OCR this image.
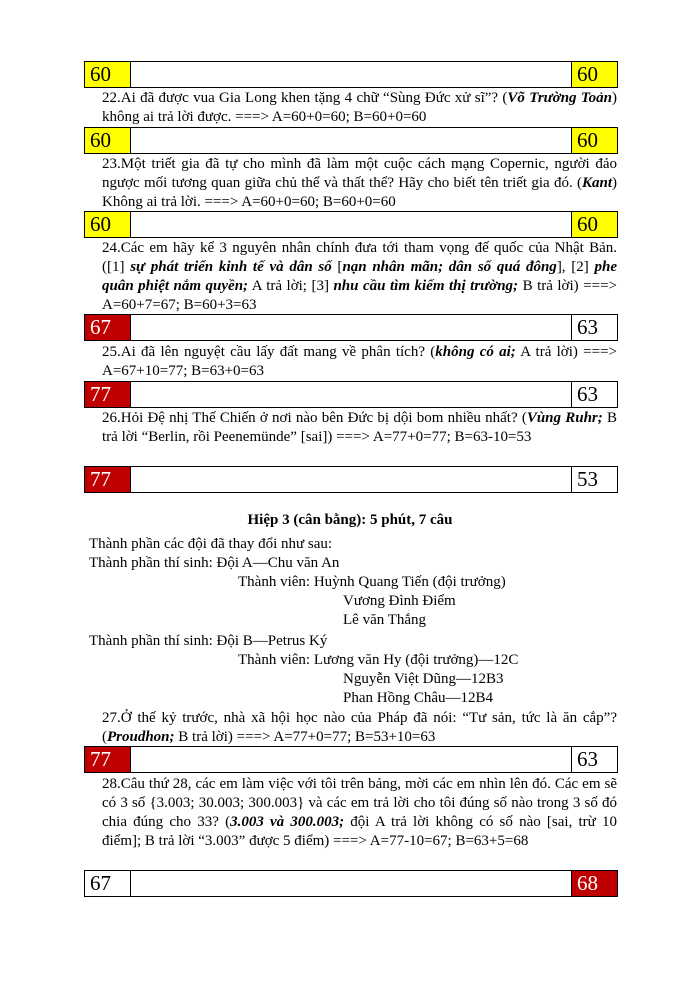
60	60

22.Ai đã được vua Gia Long khen tặng 4 chữ “Sùng Đức xử sĩ”? (Võ Trường Toản) không ai trả lời được. ===> A=60+0=60; B=60+0=60

60	60

23.Một triết gia đã tự cho mình đã làm một cuộc cách mạng Copernic, người đảo ngược mối tương quan giữa chủ thể và thất thể? Hãy cho biết tên triết gia đó. (Kant) Không ai trả lời. ===> A=60+0=60; B=60+0=60

60	60

24.Các em hãy kể 3 nguyên nhân chính đưa tới tham vọng đế quốc của Nhật Bản. ([1] sự phát triển kinh tế và dân số [nạn nhân mãn; dân số quá đông], [2] phe quân phiệt nắm quyền; A trả lời; [3] nhu cầu tìm kiếm thị trường; B trả lời) ===> A=60+7=67; B=60+3=63

67	63

25.Ai đã lên nguyệt cầu lấy đất mang về phân tích? (không có ai; A trả lời) ===> A=67+10=77; B=63+0=63

77	63

26.Hỏi Đệ nhị Thế Chiến ở nơi nào bên Đức bị dội bom nhiều nhất? (Vùng Ruhr; B trả lời “Berlin, rồi Peenemünde” [sai]) ===> A=77+0=77; B=63-10=53

77	53

Hiệp 3 (cân bằng): 5 phút, 7 câu

Thành phần các đội đã thay đổi như sau:

Thành phần thí sinh: Đội A—Chu văn An

Thành viên: Huỳnh Quang Tiến (đội trưởng)

Vương Đình Điểm

Lê văn Thắng

Thành phần thí sinh: Đội B—Petrus Ký

Thành viên: Lương văn Hy (đội trưởng)—12C

Nguyễn Việt Dũng—12B3

Phan Hồng Châu—12B4

27.Ở thế kỷ trước, nhà xã hội học nào của Pháp đã nói: “Tư sản, tức là ăn cắp”? (Proudhon; B trả lời) ===> A=77+0=77; B=53+10=63

77	63

28.Câu thứ 28, các em làm việc với tôi trên bảng, mời các em nhìn lên đó. Các em sẽ có 3 số {3.003; 30.003; 300.003} và các em trả lời cho tôi đúng số nào trong 3 số đó chia đúng cho 33? (3.003 và 300.003; đội A trả lời không có số nào [sai, trừ 10 điểm]; B trả lời “3.003” được 5 điểm) ===> A=77-10=67; B=63+5=68

67	68
